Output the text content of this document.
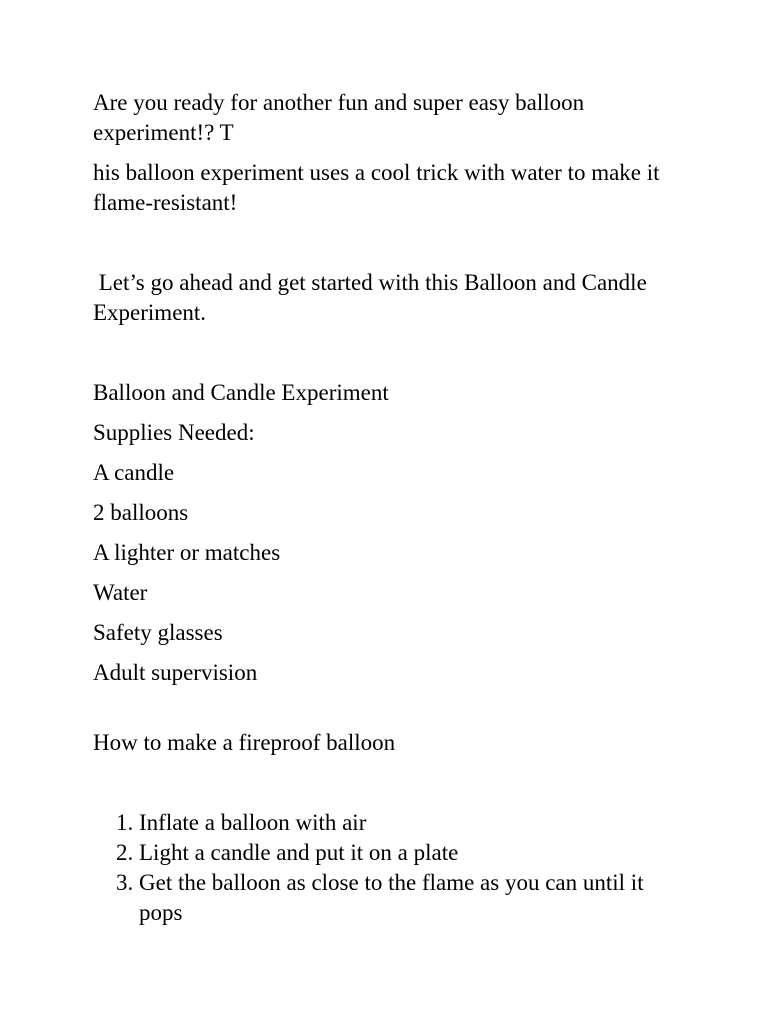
Are you ready for another fun and super easy balloon experiment!? T

his balloon experiment uses a cool trick with water to make it flame-resistant!

Let’s go ahead and get started with this Balloon and Candle Experiment.

Balloon and Candle Experiment

Supplies Needed:

A candle
2 balloons
A lighter or matches
Water
Safety glasses
Adult supervision

How to make a fireproof balloon

1. Inflate a balloon with air
2. Light a candle and put it on a plate
3. Get the balloon as close to the flame as you can until it pops
